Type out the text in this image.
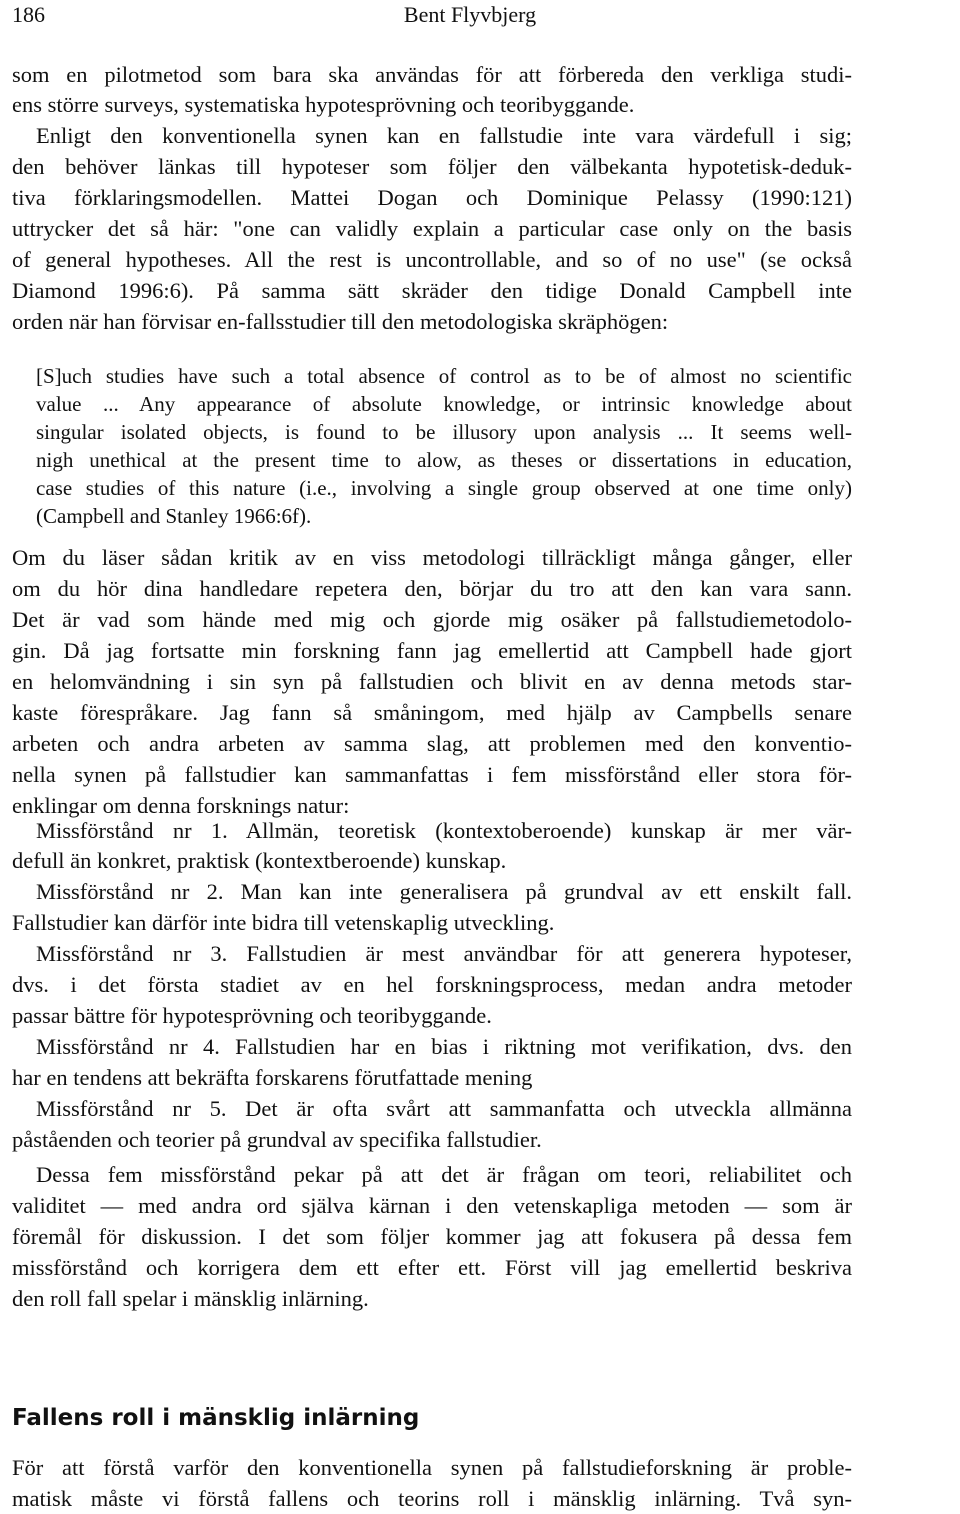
186	Bent Flyvbjerg
som en pilotmetod som bara ska användas för att förbereda den verkliga studi-
ens större surveys, systematiska hypotesprövning och teoribyggande.
Enligt den konventionella synen kan en fallstudie inte vara värdefull i sig;
den behöver länkas till hypoteser som följer den välbekanta hypotetisk-deduk-
tiva förklaringsmodellen. Mattei Dogan och Dominique Pelassy (1990:121)
uttrycker det så här: "one can validly explain a particular case only on the basis
of general hypotheses. All the rest is uncontrollable, and so of no use" (se också
Diamond 1996:6). På samma sätt skräder den tidige Donald Campbell inte
orden när han förvisar en-fallsstudier till den metodologiska skräphögen:
[S]uch studies have such a total absence of control as to be of almost no scientific
value ... Any appearance of absolute knowledge, or intrinsic knowledge about
singular isolated objects, is found to be illusory upon analysis ... It seems well-
nigh unethical at the present time to alow, as theses or dissertations in education,
case studies of this nature (i.e., involving a single group observed at one time only)
(Campbell and Stanley 1966:6f).
Om du läser sådan kritik av en viss metodologi tillräckligt många gånger, eller
om du hör dina handledare repetera den, börjar du tro att den kan vara sann.
Det är vad som hände med mig och gjorde mig osäker på fallstudiemetodolo-
gin. Då jag fortsatte min forskning fann jag emellertid att Campbell hade gjort
en helomvändning i sin syn på fallstudien och blivit en av denna metods star-
kaste förespråkare. Jag fann så småningom, med hjälp av Campbells senare
arbeten och andra arbeten av samma slag, att problemen med den konventio-
nella synen på fallstudier kan sammanfattas i fem missförstånd eller stora för-
enklingar om denna forsknings natur:
Missförstånd nr 1. Allmän, teoretisk (kontextoberoende) kunskap är mer vär-
defull än konkret, praktisk (kontextberoende) kunskap.
Missförstånd nr 2. Man kan inte generalisera på grundval av ett enskilt fall.
Fallstudier kan därför inte bidra till vetenskaplig utveckling.
Missförstånd nr 3. Fallstudien är mest användbar för att generera hypoteser,
dvs. i det första stadiet av en hel forskningsprocess, medan andra metoder
passar bättre för hypotesprövning och teoribyggande.
Missförstånd nr 4. Fallstudien har en bias i riktning mot verifikation, dvs. den
har en tendens att bekräfta forskarens förutfattade mening
Missförstånd nr 5. Det är ofta svårt att sammanfatta och utveckla allmänna
påståenden och teorier på grundval av specifika fallstudier.
Dessa fem missförstånd pekar på att det är frågan om teori, reliabilitet och
validitet — med andra ord själva kärnan i den vetenskapliga metoden — som är
föremål för diskussion. I det som följer kommer jag att fokusera på dessa fem
missförstånd och korrigera dem ett efter ett. Först vill jag emellertid beskriva
den roll fall spelar i mänsklig inlärning.
Fallens roll i mänsklig inlärning
För att förstå varför den konventionella synen på fallstudieforskning är proble-
matisk måste vi förstå fallens och teorins roll i mänsklig inlärning. Två syn-
